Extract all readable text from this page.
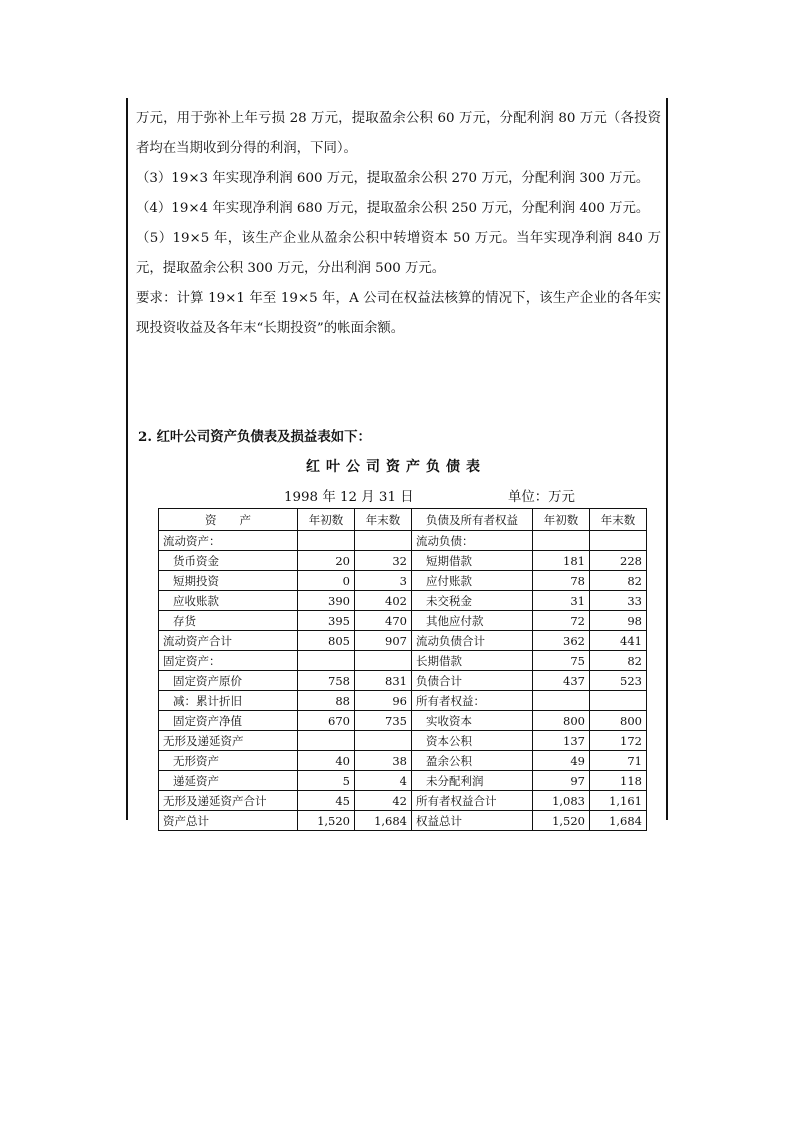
万元，用于弥补上年亏损 28 万元，提取盈余公积 60 万元，分配利润 80 万元（各投资者均在当期收到分得的利润，下同）。

（3）19×3 年实现净利润 600 万元，提取盈余公积 270 万元，分配利润 300 万元。

（4）19×4 年实现净利润 680 万元，提取盈余公积 250 万元，分配利润 400 万元。

（5）19×5 年，该生产企业从盈余公积中转增资本 50 万元。当年实现净利润 840 万元，提取盈余公积 300 万元，分出利润 500 万元。

要求：计算 19×1 年至 19×5 年，A 公司在权益法核算的情况下，该生产企业的各年实现投资收益及各年末“长期投资”的帐面余额。

2. 红叶公司资产负债表及损益表如下：
红叶公司资产负债表
1998 年 12 月 31 日	单位：万元
资　　产	年初数	年末数	负债及所有者权益	年初数	年末数
流动资产：			流动负债：		
货币资金	20	32	短期借款	181	228
短期投资	0	3	应付账款	78	82
应收账款	390	402	未交税金	31	33
存货	395	470	其他应付款	72	98
流动资产合计	805	907	流动负债合计	362	441
固定资产：			长期借款	75	82
固定资产原价	758	831	负债合计	437	523
减：累计折旧	88	96	所有者权益：		
固定资产净值	670	735	实收资本	800	800
无形及递延资产			资本公积	137	172
无形资产	40	38	盈余公积	49	71
递延资产	5	4	未分配利润	97	118
无形及递延资产合计	45	42	所有者权益合计	1,083	1,161
资产总计	1,520	1,684	权益总计	1,520	1,684
